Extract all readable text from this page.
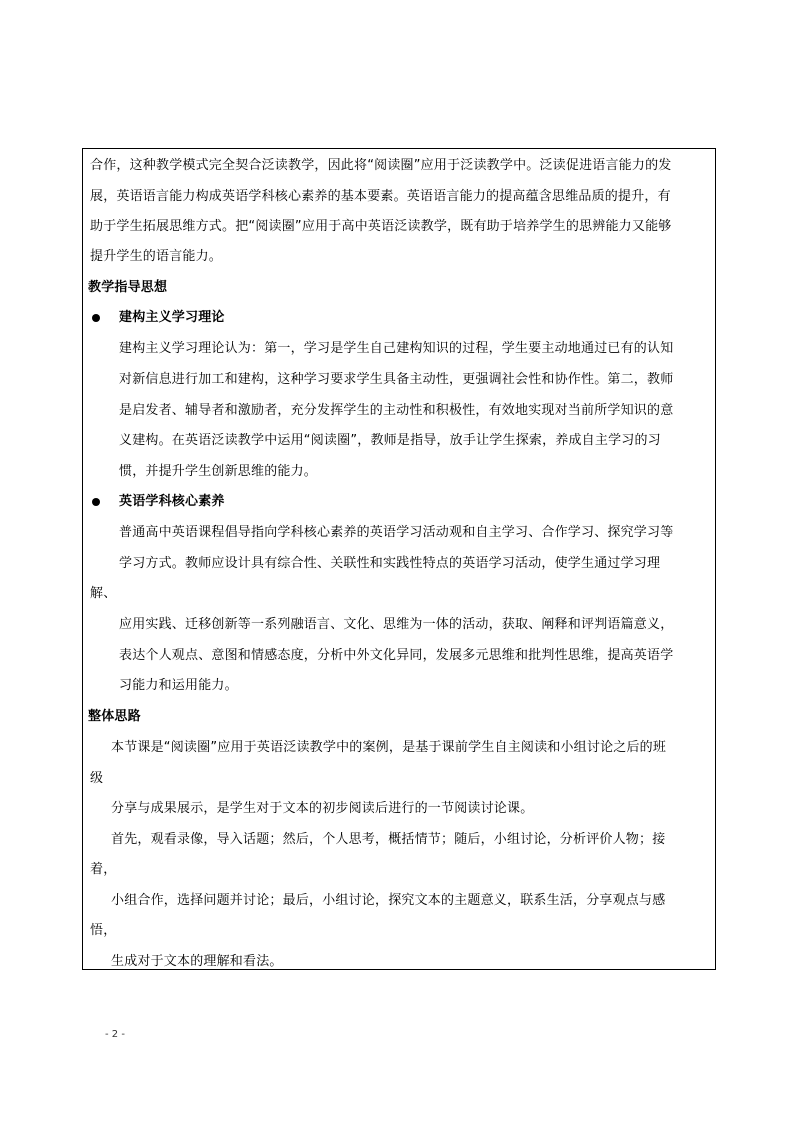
合作，这种教学模式完全契合泛读教学，因此将“阅读圈”应用于泛读教学中。泛读促进语言能力的发
展，英语语言能力构成英语学科核心素养的基本要素。英语语言能力的提高蕴含思维品质的提升，有
助于学生拓展思维方式。把“阅读圈”应用于高中英语泛读教学，既有助于培养学生的思辨能力又能够
提升学生的语言能力。
教学指导思想
建构主义学习理论
建构主义学习理论认为：第一，学习是学生自己建构知识的过程，学生要主动地通过已有的认知
对新信息进行加工和建构，这种学习要求学生具备主动性，更强调社会性和协作性。第二，教师
是启发者、辅导者和激励者，充分发挥学生的主动性和积极性，有效地实现对当前所学知识的意
义建构。在英语泛读教学中运用“阅读圈”，教师是指导，放手让学生探索，养成自主学习的习
惯，并提升学生创新思维的能力。
英语学科核心素养
普通高中英语课程倡导指向学科核心素养的英语学习活动观和自主学习、合作学习、探究学习等
学习方式。教师应设计具有综合性、关联性和实践性特点的英语学习活动，使学生通过学习理
解、
应用实践、迁移创新等一系列融语言、文化、思维为一体的活动，获取、阐释和评判语篇意义，
表达个人观点、意图和情感态度，分析中外文化异同，发展多元思维和批判性思维，提高英语学
习能力和运用能力。
整体思路
本节课是“阅读圈”应用于英语泛读教学中的案例，是基于课前学生自主阅读和小组讨论之后的班
级
分享与成果展示，是学生对于文本的初步阅读后进行的一节阅读讨论课。
首先，观看录像，导入话题；然后，个人思考，概括情节；随后，小组讨论，分析评价人物；接
着，
小组合作，选择问题并讨论；最后，小组讨论，探究文本的主题意义，联系生活，分享观点与感
悟，
生成对于文本的理解和看法。
- 2 -
